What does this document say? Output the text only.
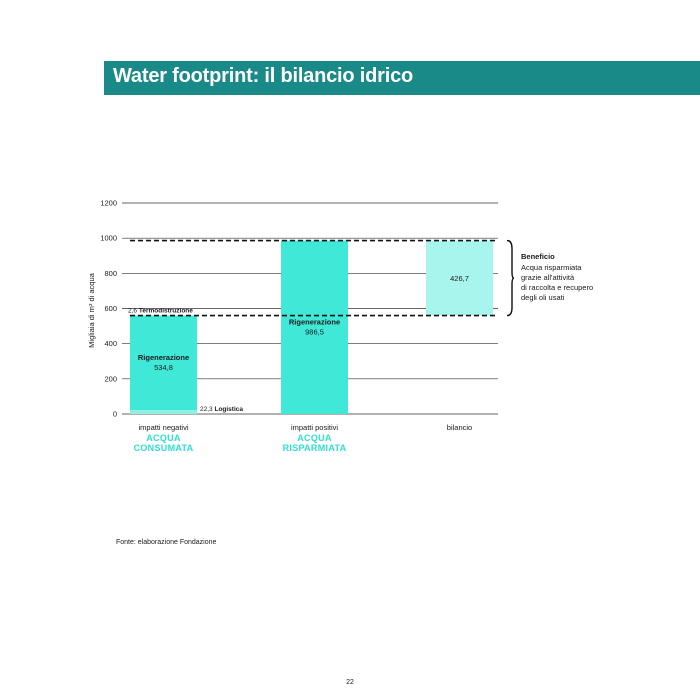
Water footprint: il bilancio idrico
0
200
400
600
800
1000
1200
Migliaia di m³ di acqua
Rigenerazione
534,8
Rigenerazione
986,5
426,7
22,3 Logistica
2,6 Termodistruzione
impatti negativi
ACQUA
CONSUMATA
impatti positivi
ACQUA
RISPARMIATA
bilancio
Beneficio
Acqua risparmiata
grazie all'attività
di raccolta e recupero
degli oli usati
Fonte: elaborazione Fondazione
22
